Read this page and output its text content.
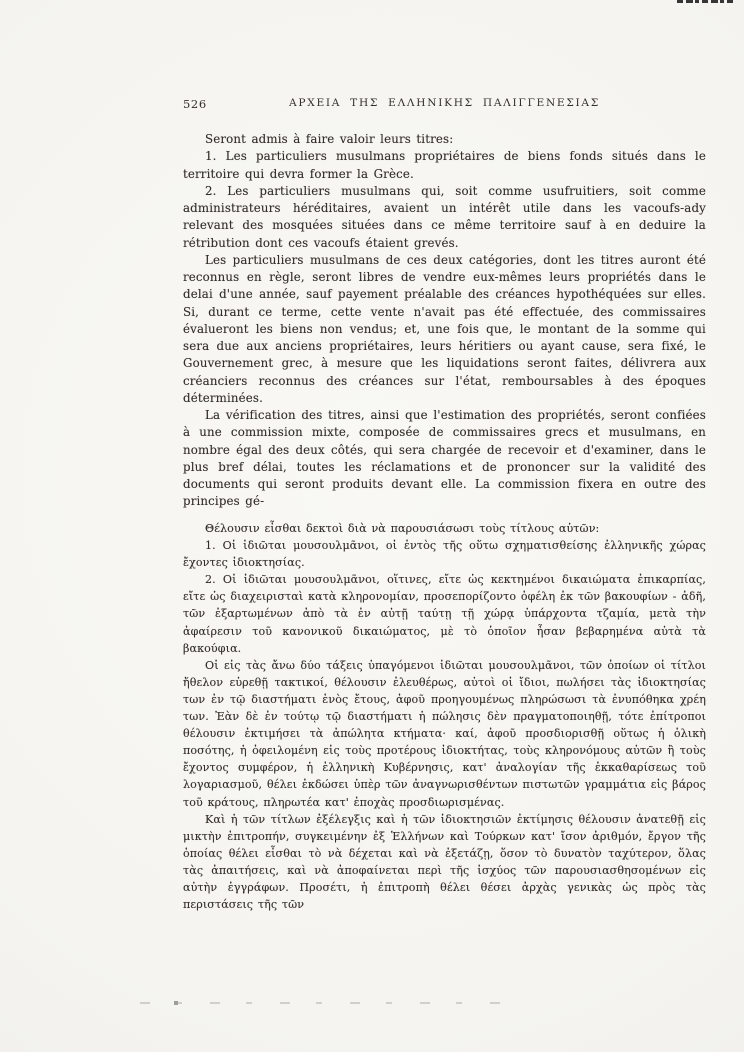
526	ΑΡΧΕΙΑ ΤΗΣ ΕΛΛΗΝΙΚΗΣ ΠΑΛΙΓΓΕΝΕΣΙΑΣ

Seront admis à faire valoir leurs titres:

1. Les particuliers musulmans propriétaires de biens fonds situés dans le territoire qui devra former la Grèce.

2. Les particuliers musulmans qui, soit comme usufruitiers, soit comme administrateurs héréditaires, avaient un intérêt utile dans les vacoufs-ady relevant des mosquées situées dans ce même territoire sauf à en deduire la rétribution dont ces vacoufs étaient grevés.

Les particuliers musulmans de ces deux catégories, dont les titres auront été reconnus en règle, seront libres de vendre eux-mêmes leurs propriétés dans le delai d'une année, sauf payement préalable des créances hypothéquées sur elles. Si, durant ce terme, cette vente n'avait pas été effectuée, des commissaires évalueront les biens non vendus; et, une fois que, le montant de la somme qui sera due aux anciens propriétaires, leurs héritiers ou ayant cause, sera fixé, le Gouvernement grec, à mesure que les liquidations seront faites, délivrera aux créanciers reconnus des créances sur l'état, remboursables à des époques déterminées.

La vérification des titres, ainsi que l'estimation des propriétés, seront confiées à une commission mixte, composée de commissaires grecs et musulmans, en nombre égal des deux côtés, qui sera chargée de recevoir et d'examiner, dans le plus bref délai, toutes les réclamations et de prononcer sur la validité des documents qui seront produits devant elle. La commission fixera en outre des principes gé-

Θέλουσιν εἶσθαι δεκτοὶ διὰ νὰ παρουσιάσωσι τοὺς τίτλους αὑτῶν:

1. Οἱ ἰδιῶται μουσουλμᾶνοι, οἱ ἐντὸς τῆς οὕτω σχηματισθείσης ἑλληνικῆς χώρας ἔχοντες ἰδιοκτησίας.

2. Οἱ ἰδιῶται μουσουλμᾶνοι, οἵτινες, εἴτε ὡς κεκτημένοι δικαιώματα ἐπικαρπίας, εἴτε ὡς διαχειρισταὶ κατὰ κληρονομίαν, προσεπορίζοντο ὀφέλη ἐκ τῶν βακουφίων - ἀδῆ, τῶν ἐξαρτωμένων ἀπὸ τὰ ἐν αὐτῇ ταύτῃ τῇ χώρᾳ ὑπάρχοντα τζαμία, μετὰ τὴν ἀφαίρεσιν τοῦ κανονικοῦ δικαιώματος, μὲ τὸ ὁποῖον ἦσαν βεβαρημένα αὐτὰ τὰ βακούφια.

Οἱ εἰς τὰς ἄνω δύο τάξεις ὑπαγόμενοι ἰδιῶται μουσουλμᾶνοι, τῶν ὁποίων οἱ τίτλοι ἤθελον εὑρεθῇ τακτικοί, θέλουσιν ἐλευθέρως, αὐτοὶ οἱ ἴδιοι, πωλήσει τὰς ἰδιοκτησίας των ἐν τῷ διαστήματι ἑνὸς ἔτους, ἀφοῦ προηγουμένως πληρώσωσι τὰ ἐνυπόθηκα χρέη των. Ἐὰν δὲ ἐν τούτῳ τῷ διαστήματι ἡ πώλησις δὲν πραγματοποιηθῇ, τότε ἐπίτροποι θέλουσιν ἐκτιμήσει τὰ ἀπώλητα κτήματα· καί, ἀφοῦ προσδιορισθῇ οὕτως ἡ ὁλικὴ ποσότης, ἡ ὀφειλομένη εἰς τοὺς προτέρους ἰδιοκτήτας, τοὺς κληρονόμους αὐτῶν ἢ τοὺς ἔχοντος συμφέρον, ἡ ἑλληνικὴ Κυβέρνησις, κατ' ἀναλογίαν τῆς ἐκκαθαρίσεως τοῦ λογαριασμοῦ, θέλει ἐκδώσει ὑπὲρ τῶν ἀναγνωρισθέντων πιστωτῶν γραμμάτια εἰς βάρος τοῦ κράτους, πληρωτέα κατ' ἐποχὰς προσδιωρισμένας.

Καὶ ἡ τῶν τίτλων ἐξέλεγξις καὶ ἡ τῶν ἰδιοκτησιῶν ἐκτίμησις θέλουσιν ἀνατεθῇ εἰς μικτὴν ἐπιτροπήν, συγκειμένην ἐξ Ἑλλήνων καὶ Τούρκων κατ' ἴσον ἀριθμόν, ἔργον τῆς ὁποίας θέλει εἶσθαι τὸ νὰ δέχεται καὶ νὰ ἐξετάζῃ, ὅσον τὸ δυνατὸν ταχύτερον, ὅλας τὰς ἀπαιτήσεις, καὶ νὰ ἀποφαίνεται περὶ τῆς ἰσχύος τῶν παρουσιασθησομένων εἰς αὐτὴν ἐγγράφων. Προσέτι, ἡ ἐπιτροπὴ θέλει θέσει ἀρχὰς γενικὰς ὡς πρὸς τὰς περιστάσεις τῆς τῶν
